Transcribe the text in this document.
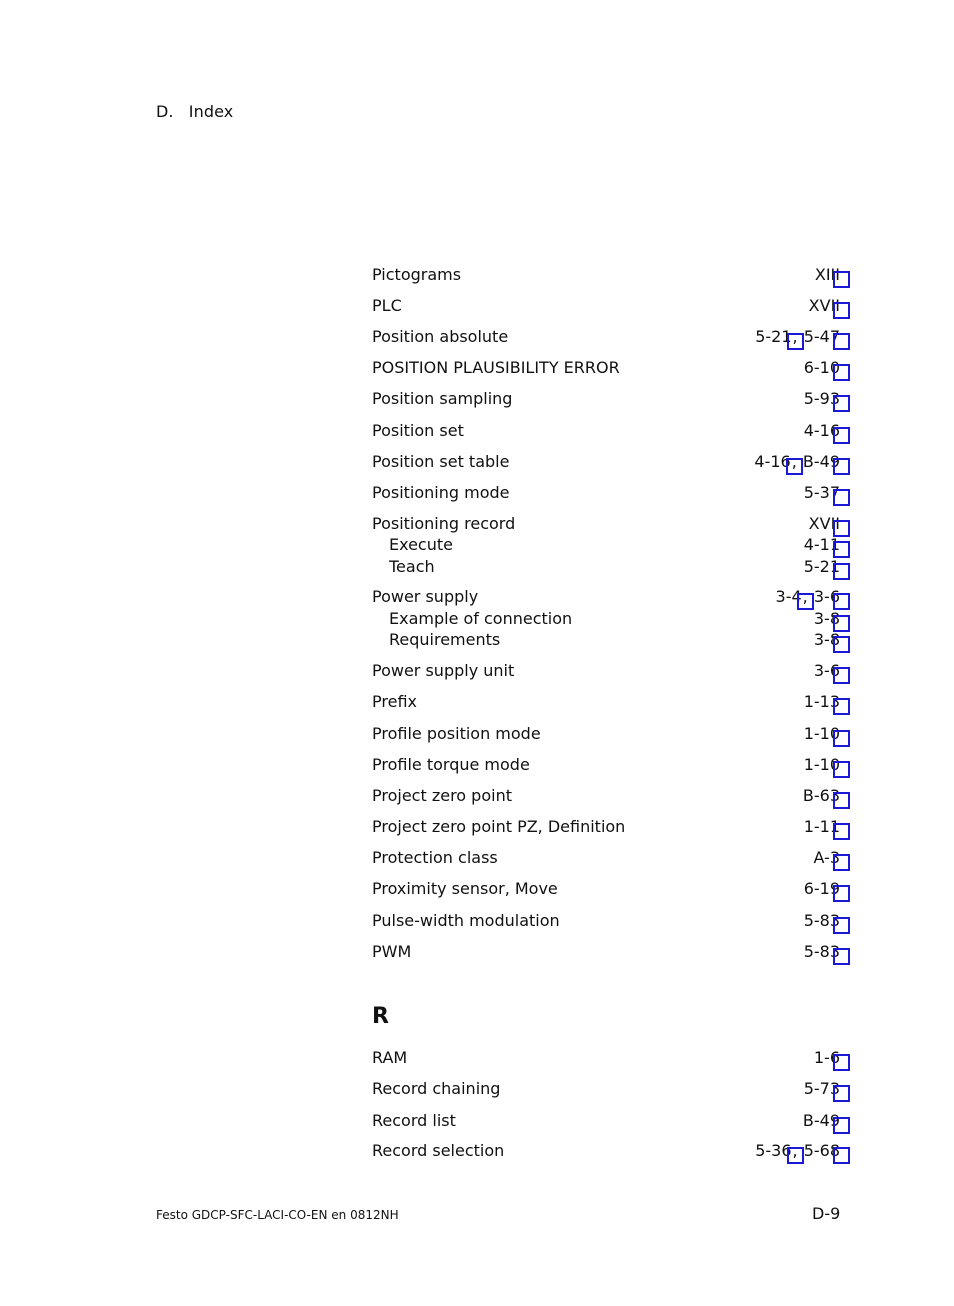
D. Index
Pictograms	XIII
PLC	XVII
Position absolute	5-21, 5-47
POSITION PLAUSIBILITY ERROR	6-10
Position sampling	5-93
Position set	4-16
Position set table	4-16, B-49
Positioning mode	5-37
Positioning record	XVII
Execute	4-11
Teach	5-21
Power supply	3-4, 3-6
Example of connection	3-8
Requirements	3-8
Power supply unit	3-6
Prefix	1-13
Profile position mode	1-10
Profile torque mode	1-10
Project zero point	B-63
Project zero point PZ, Definition	1-11
Protection class	A-3
Proximity sensor, Move	6-19
Pulse-width modulation	5-83
PWM	5-83
RAM	1-6
Record chaining	5-73
Record list	B-49
Record selection	5-36, 5-68
R
Festo GDCP-SFC-LACI-CO-EN en 0812NH	D-9
